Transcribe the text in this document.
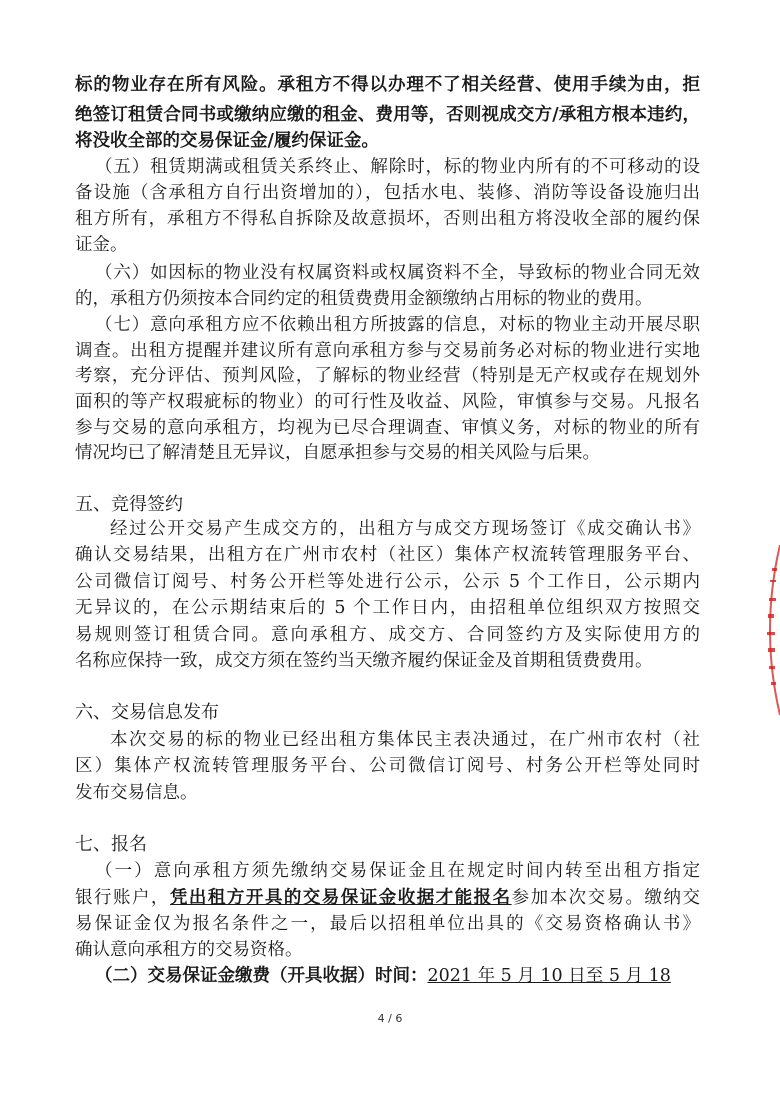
标的物业存在所有风险。承租方不得以办理不了相关经营、使用手续为由，拒
绝签订租赁合同书或缴纳应缴的租金、费用等，否则视成交方/承租方根本违约，
将没收全部的交易保证金/履约保证金。
（五）租赁期满或租赁关系终止、解除时，标的物业内所有的不可移动的设
备设施（含承租方自行出资增加的），包括水电、装修、消防等设备设施归出
租方所有，承租方不得私自拆除及故意损坏，否则出租方将没收全部的履约保
证金。
（六）如因标的物业没有权属资料或权属资料不全，导致标的物业合同无效
的，承租方仍须按本合同约定的租赁费费用金额缴纳占用标的物业的费用。
（七）意向承租方应不依赖出租方所披露的信息，对标的物业主动开展尽职
调查。出租方提醒并建议所有意向承租方参与交易前务必对标的物业进行实地
考察，充分评估、预判风险，了解标的物业经营（特别是无产权或存在规划外
面积的等产权瑕疵标的物业）的可行性及收益、风险，审慎参与交易。凡报名
参与交易的意向承租方，均视为已尽合理调查、审慎义务，对标的物业的所有
情况均已了解清楚且无异议，自愿承担参与交易的相关风险与后果。
五、竞得签约
经过公开交易产生成交方的，出租方与成交方现场签订《成交确认书》
确认交易结果，出租方在广州市农村（社区）集体产权流转管理服务平台、
公司微信订阅号、村务公开栏等处进行公示，公示 5 个工作日，公示期内
无异议的，在公示期结束后的 5 个工作日内，由招租单位组织双方按照交
易规则签订租赁合同。意向承租方、成交方、合同签约方及实际使用方的
名称应保持一致，成交方须在签约当天缴齐履约保证金及首期租赁费费用。
六、交易信息发布
本次交易的标的物业已经出租方集体民主表决通过，在广州市农村（社
区）集体产权流转管理服务平台、公司微信订阅号、村务公开栏等处同时
发布交易信息。
七、报名
（一）意向承租方须先缴纳交易保证金且在规定时间内转至出租方指定
银行账户，凭出租方开具的交易保证金收据才能报名参加本次交易。缴纳交
易保证金仅为报名条件之一，最后以招租单位出具的《交易资格确认书》
确认意向承租方的交易资格。
（二）交易保证金缴费（开具收据）时间：2021 年 5 月 10 日至 5 月 18
4 / 6
